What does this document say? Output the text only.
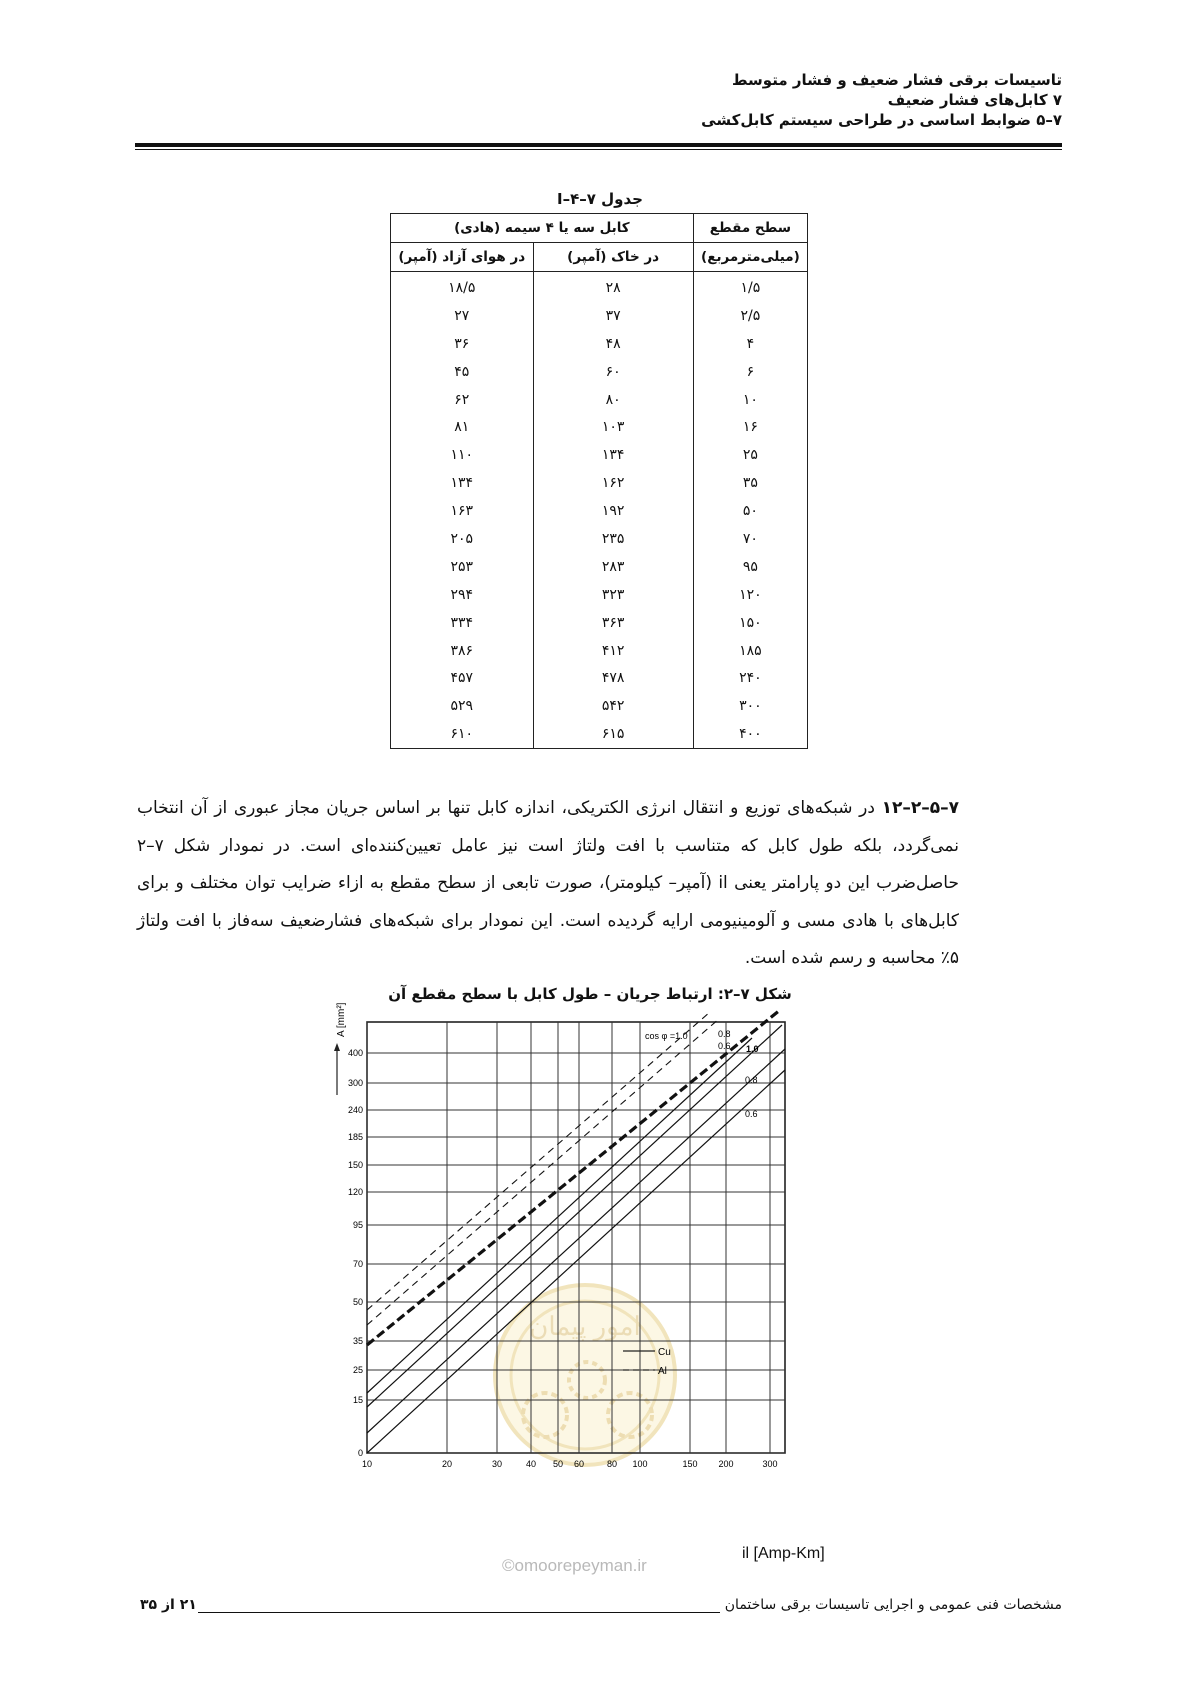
تاسیسات برقی فشار ضعیف و فشار متوسط
۷ کابل‌های فشار ضعیف
۷–۵ ضوابط اساسی در طراحی سیستم کابل‌کشی
جدول ۷–۴–I
سطح مقطع	کابل سه یا ۴ سیمه (هادی)	
(میلی‌مترمربع)	در خاک (آمپر)	در هوای آزاد (آمپر)
۱/۵	۲۸	۱۸/۵
۲/۵	۳۷	۲۷
۴	۴۸	۳۶
۶	۶۰	۴۵
۱۰	۸۰	۶۲
۱۶	۱۰۳	۸۱
۲۵	۱۳۴	۱۱۰
۳۵	۱۶۲	۱۳۴
۵۰	۱۹۲	۱۶۳
۷۰	۲۳۵	۲۰۵
۹۵	۲۸۳	۲۵۳
۱۲۰	۳۲۳	۲۹۴
۱۵۰	۳۶۳	۳۳۴
۱۸۵	۴۱۲	۳۸۶
۲۴۰	۴۷۸	۴۵۷
۳۰۰	۵۴۲	۵۲۹
۴۰۰	۶۱۵	۶۱۰
۷–۵–۲–۱۲ در شبکه‌های توزیع و انتقال انرژی الکتریکی، اندازه کابل تنها بر اساس جریان مجاز عبوری از آن انتخاب نمی‌گردد، بلکه طول کابل که متناسب با افت ولتاژ است نیز عامل تعیین‌کننده‌ای است. در نمودار شکل ۷–۲ حاصل‌ضرب این دو پارامتر یعنی il (آمپر– کیلومتر)، صورت تابعی از سطح مقطع به ازاء ضرایب توان مختلف و برای کابل‌های با هادی مسی و آلومینیومی ارایه گردیده است. این نمودار برای شبکه‌های فشارضعیف سه‌فاز با افت ولتاژ ۵٪ محاسبه و رسم شده است.
شکل ۷–۲: ارتباط جریان – طول کابل با سطح مقطع آن
امور پیمان
0
15
25
35
50
70
95
120
150
185
240
300
400
10	20	30	40 50 60	80 100	150 200	300
A [mm²]	cos φ =1.0	0.8
0.6 1.0
0.8
0.6
Cu
Al
il [Amp-Km]
©omoorepeyman.ir
مشخصات فنی عمومی و اجرایی تاسیسات برقی ساختمان
۲۱ از ۳۵
